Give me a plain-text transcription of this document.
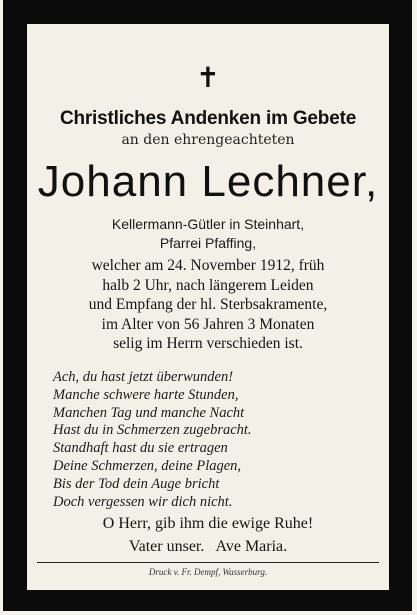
✝
Christliches Andenken im Gebete
an den ehrengeachteten
Johann Lechner,
Kellermann-Gütler in Steinhart,
Pfarrei Pfaffing,
welcher am 24. November 1912, früh
halb 2 Uhr, nach längerem Leiden
und Empfang der hl. Sterbsakramente,
im Alter von 56 Jahren 3 Monaten
selig im Herrn verschieden ist.
Ach, du hast jetzt überwunden!
Manche schwere harte Stunden,
Manchen Tag und manche Nacht
Hast du in Schmerzen zugebracht.
Standhaft hast du sie ertragen
Deine Schmerzen, deine Plagen,
Bis der Tod dein Auge bricht
Doch vergessen wir dich nicht.
O Herr, gib ihm die ewige Ruhe!
Vater unser.   Ave Maria.
Druck v. Fr. Dempf, Wasserburg.
